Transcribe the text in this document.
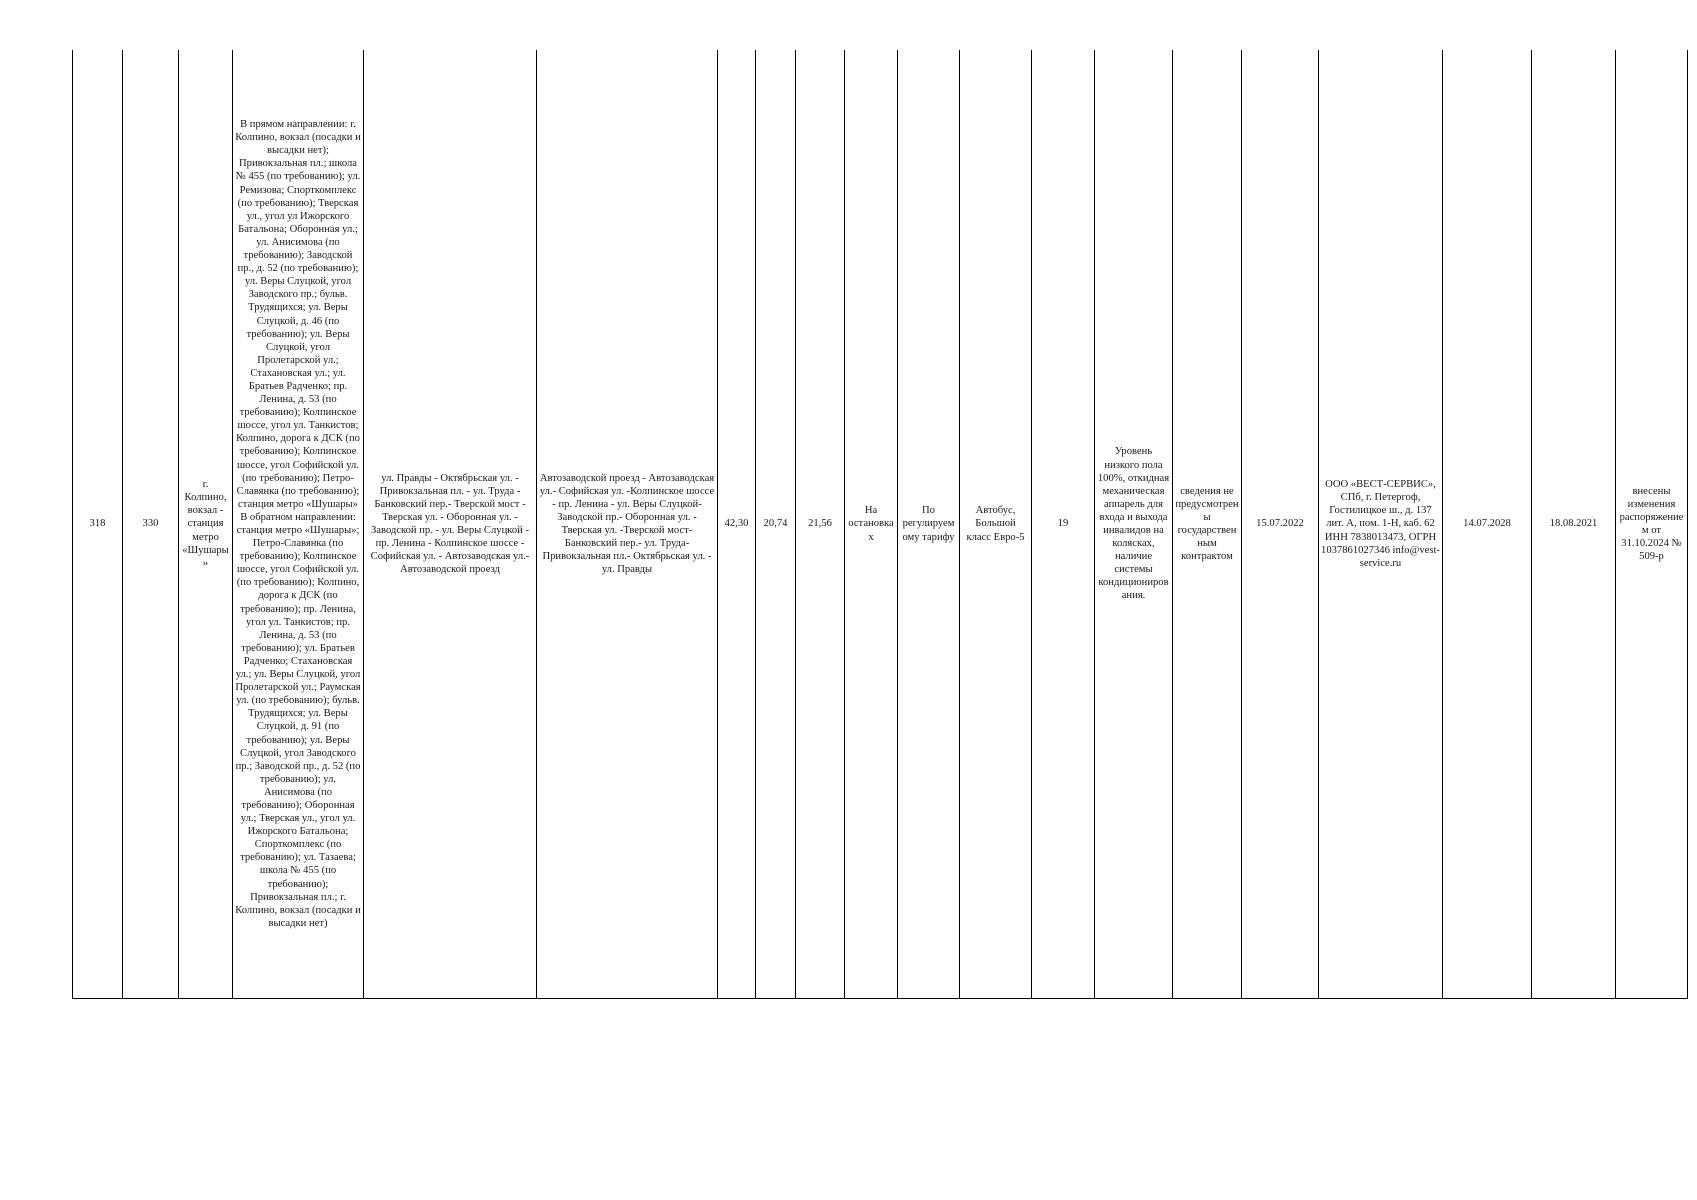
318	330	г. Колпино, вокзал - станция метро «Шушары»	В прямом направлении: г. Колпино, вокзал (посадки и высадки нет); Привокзальная пл.; школа № 455 (по требованию); ул. Ремизова; Спорткомплекс (по требованию); Тверская ул., угол ул Ижорского Батальона; Оборонная ул.; ул. Анисимова (по требованию); Заводской пр., д. 52 (по требованию); ул. Веры Слуцкой, угол Заводского пр.; бульв. Трудящихся; ул. Веры Слуцкой, д. 46 (по требованию); ул. Веры Слуцкой, угол Пролетарской ул.; Стахановская ул.; ул. Братьев Радченко; пр. Ленина, д. 53 (по требованию); Колпинское шоссе, угол ул. Танкистов; Колпино, дорога к ДСК (по требованию); Колпинское шоссе, угол Софийской ул. (по требованию); Петро-Славянка (по требованию); станция метро «Шушары» В обратном направлении: станция метро «Шушары»; Петро-Славянка (по требованию); Колпинское шоссе, угол Софийской ул. (по требованию); Колпино, дорога к ДСК (по требованию); пр. Ленина, угол ул. Танкистов; пр. Ленина, д. 53 (по требованию); ул. Братьев Радченко; Стахановская ул.; ул. Веры Слуцкой, угол Пролетарской ул.; Раумская ул. (по требованию); бульв. Трудящихся; ул. Веры Слуцкой, д. 91 (по требованию); ул. Веры Слуцкой, угол Заводского пр.; Заводской пр., д. 52 (по требованию); ул. Анисимова (по требованию); Оборонная ул.; Тверская ул., угол ул. Ижорского Батальона; Спорткомплекс (по требованию); ул. Тазаева; школа № 455 (по требованию); Привокзальная пл.; г. Колпино, вокзал (посадки и высадки нет)	ул. Правды - Октябрьская ул. - Привокзальная пл. - ул. Труда - Банковский пер.- Тверской мост - Тверская ул. - Оборонная ул. - Заводской пр. - ул. Веры Слуцкой - пр. Ленина - Колпинское шоссе - Софийская ул. - Автозаводская ул.- Автозаводской проезд	Автозаводской проезд - Автозаводская ул.- Софийская ул. -Колпинское шоссе - пр. Ленина - ул. Веры Слуцкой- Заводской пр.- Оборонная ул. - Тверская ул. -Тверской мост- Банковский пер.- ул. Труда- Привокзальная пл.- Октябрьская ул. - ул. Правды	42,30	20,74	21,56	На остановках	По регулируемому тарифу	Автобус, Большой класс Евро-5	19	Уровень низкого пола 100%, откидная механическая аппарель для входа и выхода инвалидов на колясках, наличие системы кондиционирования.	сведения не предусмотрены государственным контрактом	15.07.2022	ООО «ВЕСТ-СЕРВИС», СПб, г. Петергоф, Гостилицкое ш., д. 137 лит. А, пом. 1-Н, каб. 62 ИНН 7838013473, ОГРН 1037861027346 info@vest-service.ru	14.07.2028	18.08.2021	внесены изменения распоряжением от 31.10.2024 № 509-р
